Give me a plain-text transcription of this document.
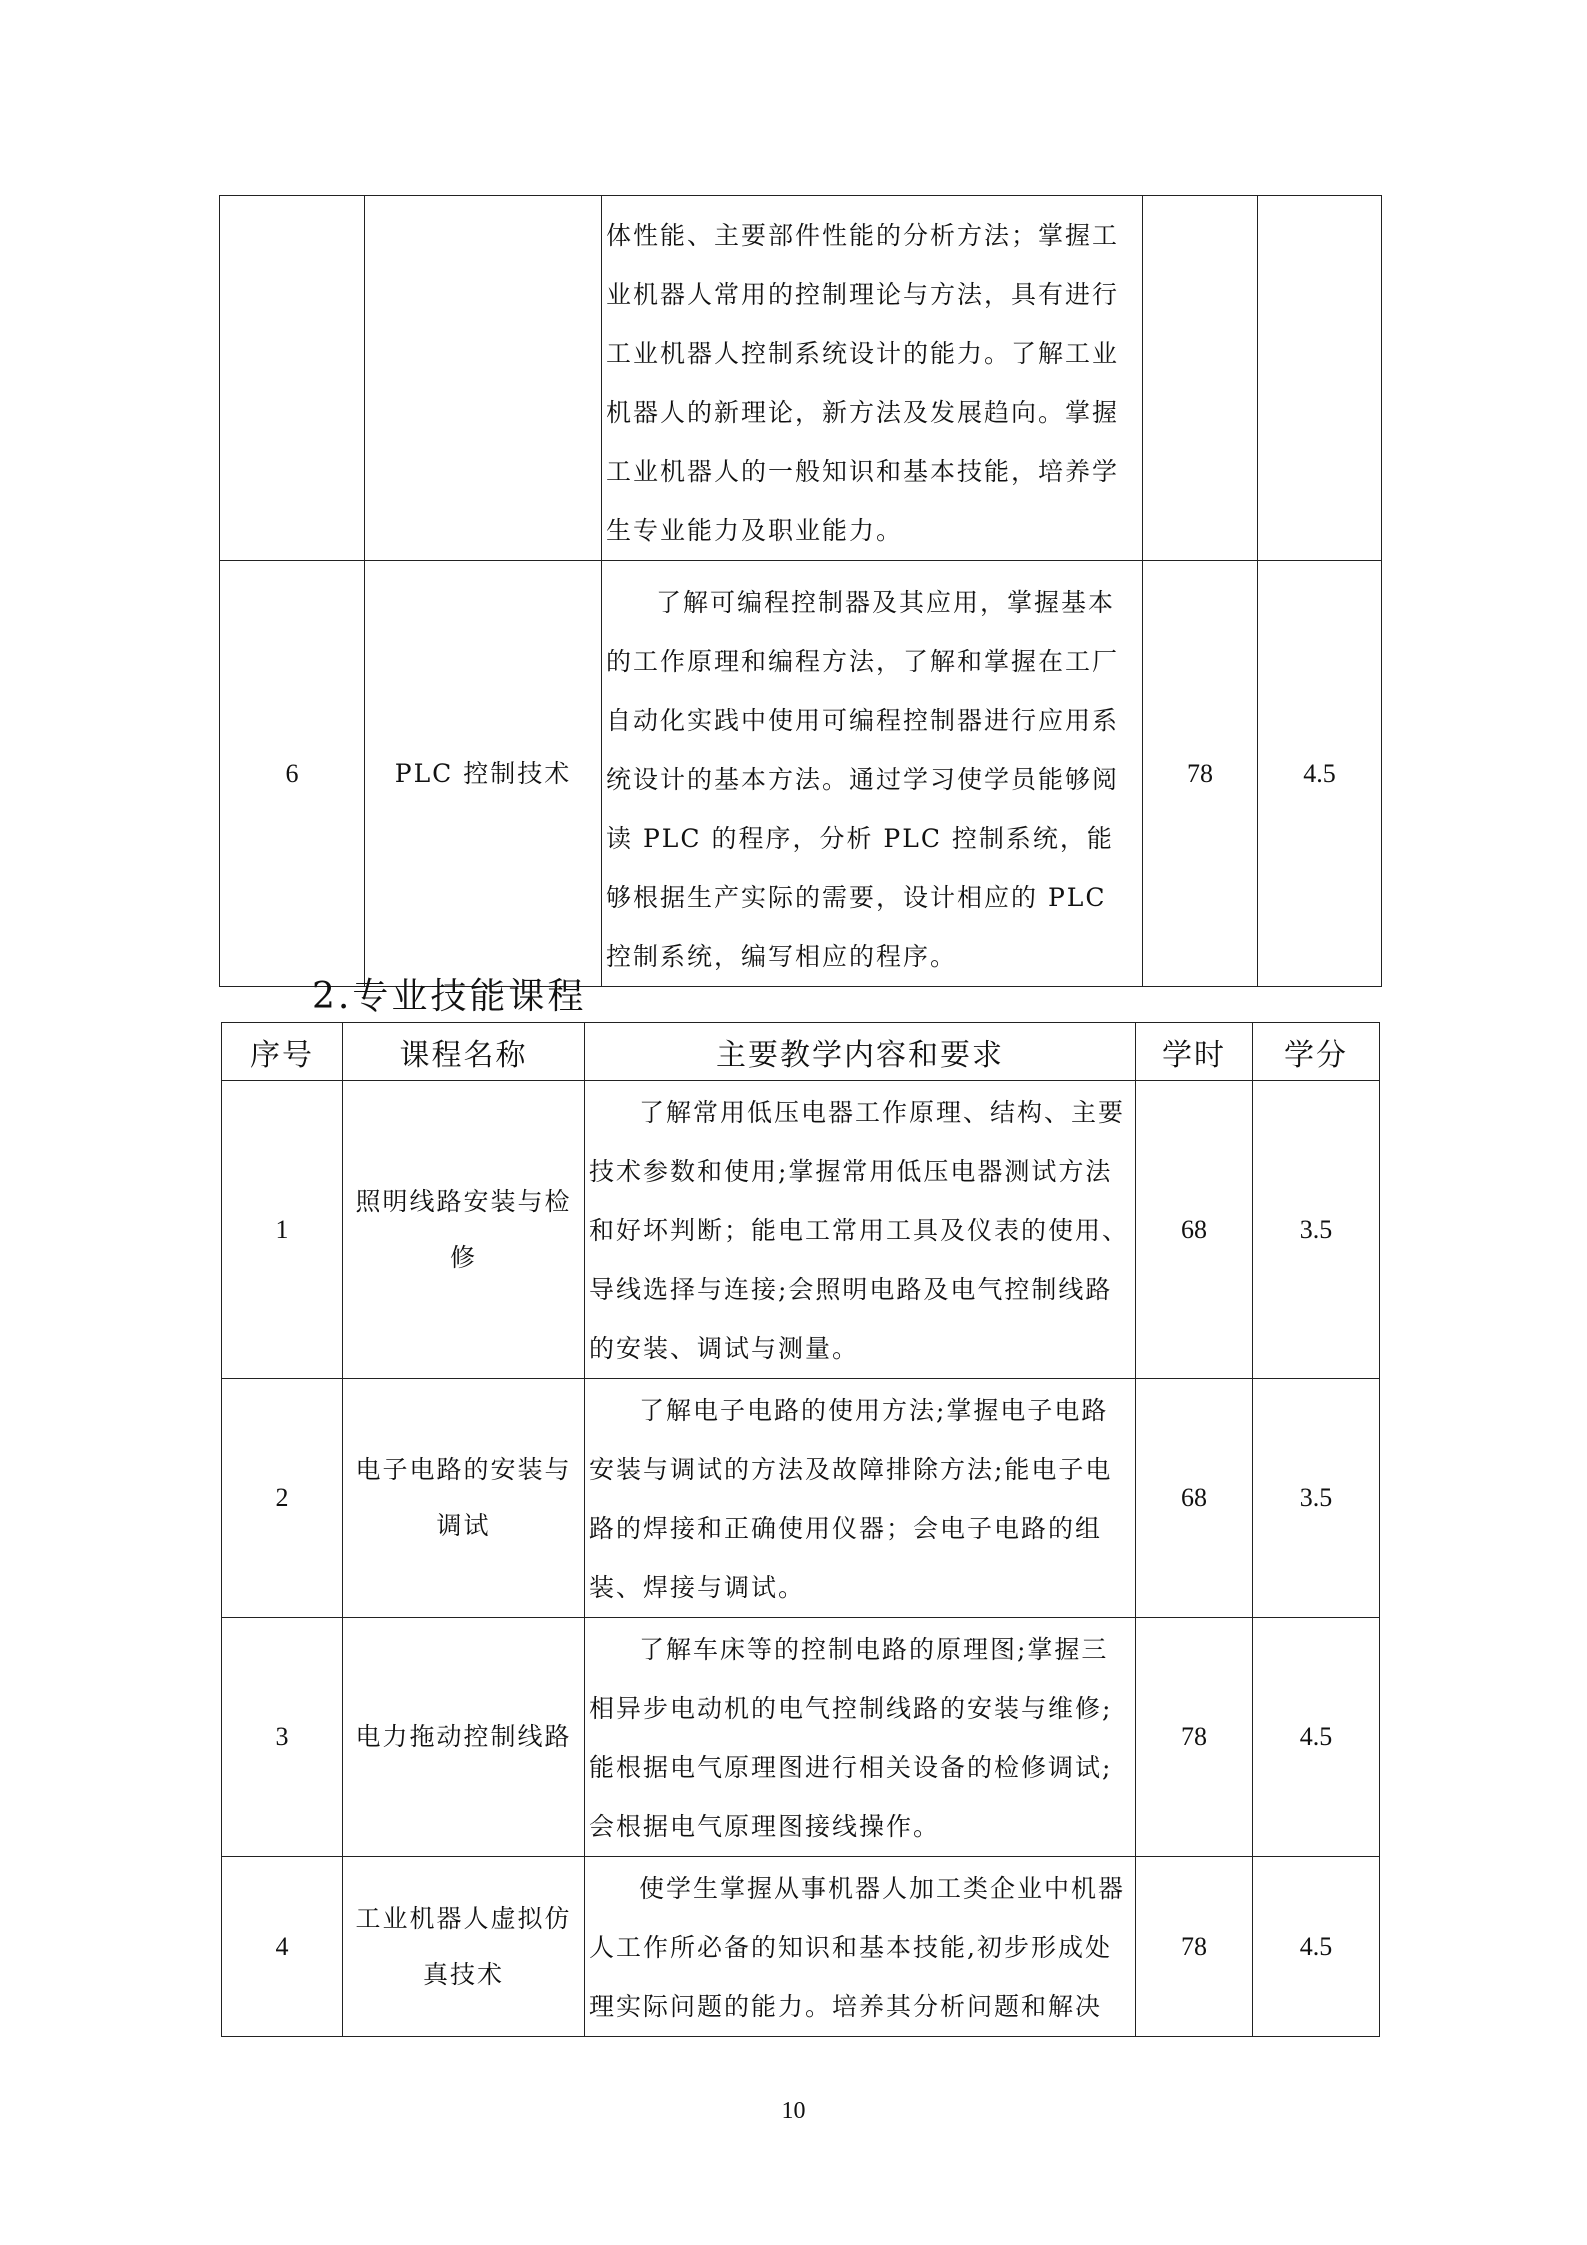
		体性能、主要部件性能的分析方法；掌握工业机器人常用的控制理论与方法，具有进行工业机器人控制系统设计的能力。了解工业机器人的新理论，新方法及发展趋向。掌握工业机器人的一般知识和基本技能，培养学生专业能力及职业能力。		
6	PLC 控制技术	了解可编程控制器及其应用，掌握基本的工作原理和编程方法，了解和掌握在工厂自动化实践中使用可编程控制器进行应用系统设计的基本方法。通过学习使学员能够阅读 PLC 的程序，分析 PLC 控制系统，能够根据生产实际的需要，设计相应的 PLC 控制系统，编写相应的程序。	78	4.5
2.专业技能课程
序号	课程名称	主要教学内容和要求	学时	学分
1	照明线路安装与检修	了解常用低压电器工作原理、结构、主要技术参数和使用;掌握常用低压电器测试方法和好坏判断；能电工常用工具及仪表的使用、导线选择与连接;会照明电路及电气控制线路的安装、调试与测量。	68	3.5
2	电子电路的安装与调试	了解电子电路的使用方法;掌握电子电路安装与调试的方法及故障排除方法;能电子电路的焊接和正确使用仪器；会电子电路的组装、焊接与调试。	68	3.5
3	电力拖动控制线路	了解车床等的控制电路的原理图;掌握三相异步电动机的电气控制线路的安装与维修;能根据电气原理图进行相关设备的检修调试;会根据电气原理图接线操作。	78	4.5
4	工业机器人虚拟仿真技术	使学生掌握从事机器人加工类企业中机器人工作所必备的知识和基本技能,初步形成处理实际问题的能力。培养其分析问题和解决	78	4.5
10
